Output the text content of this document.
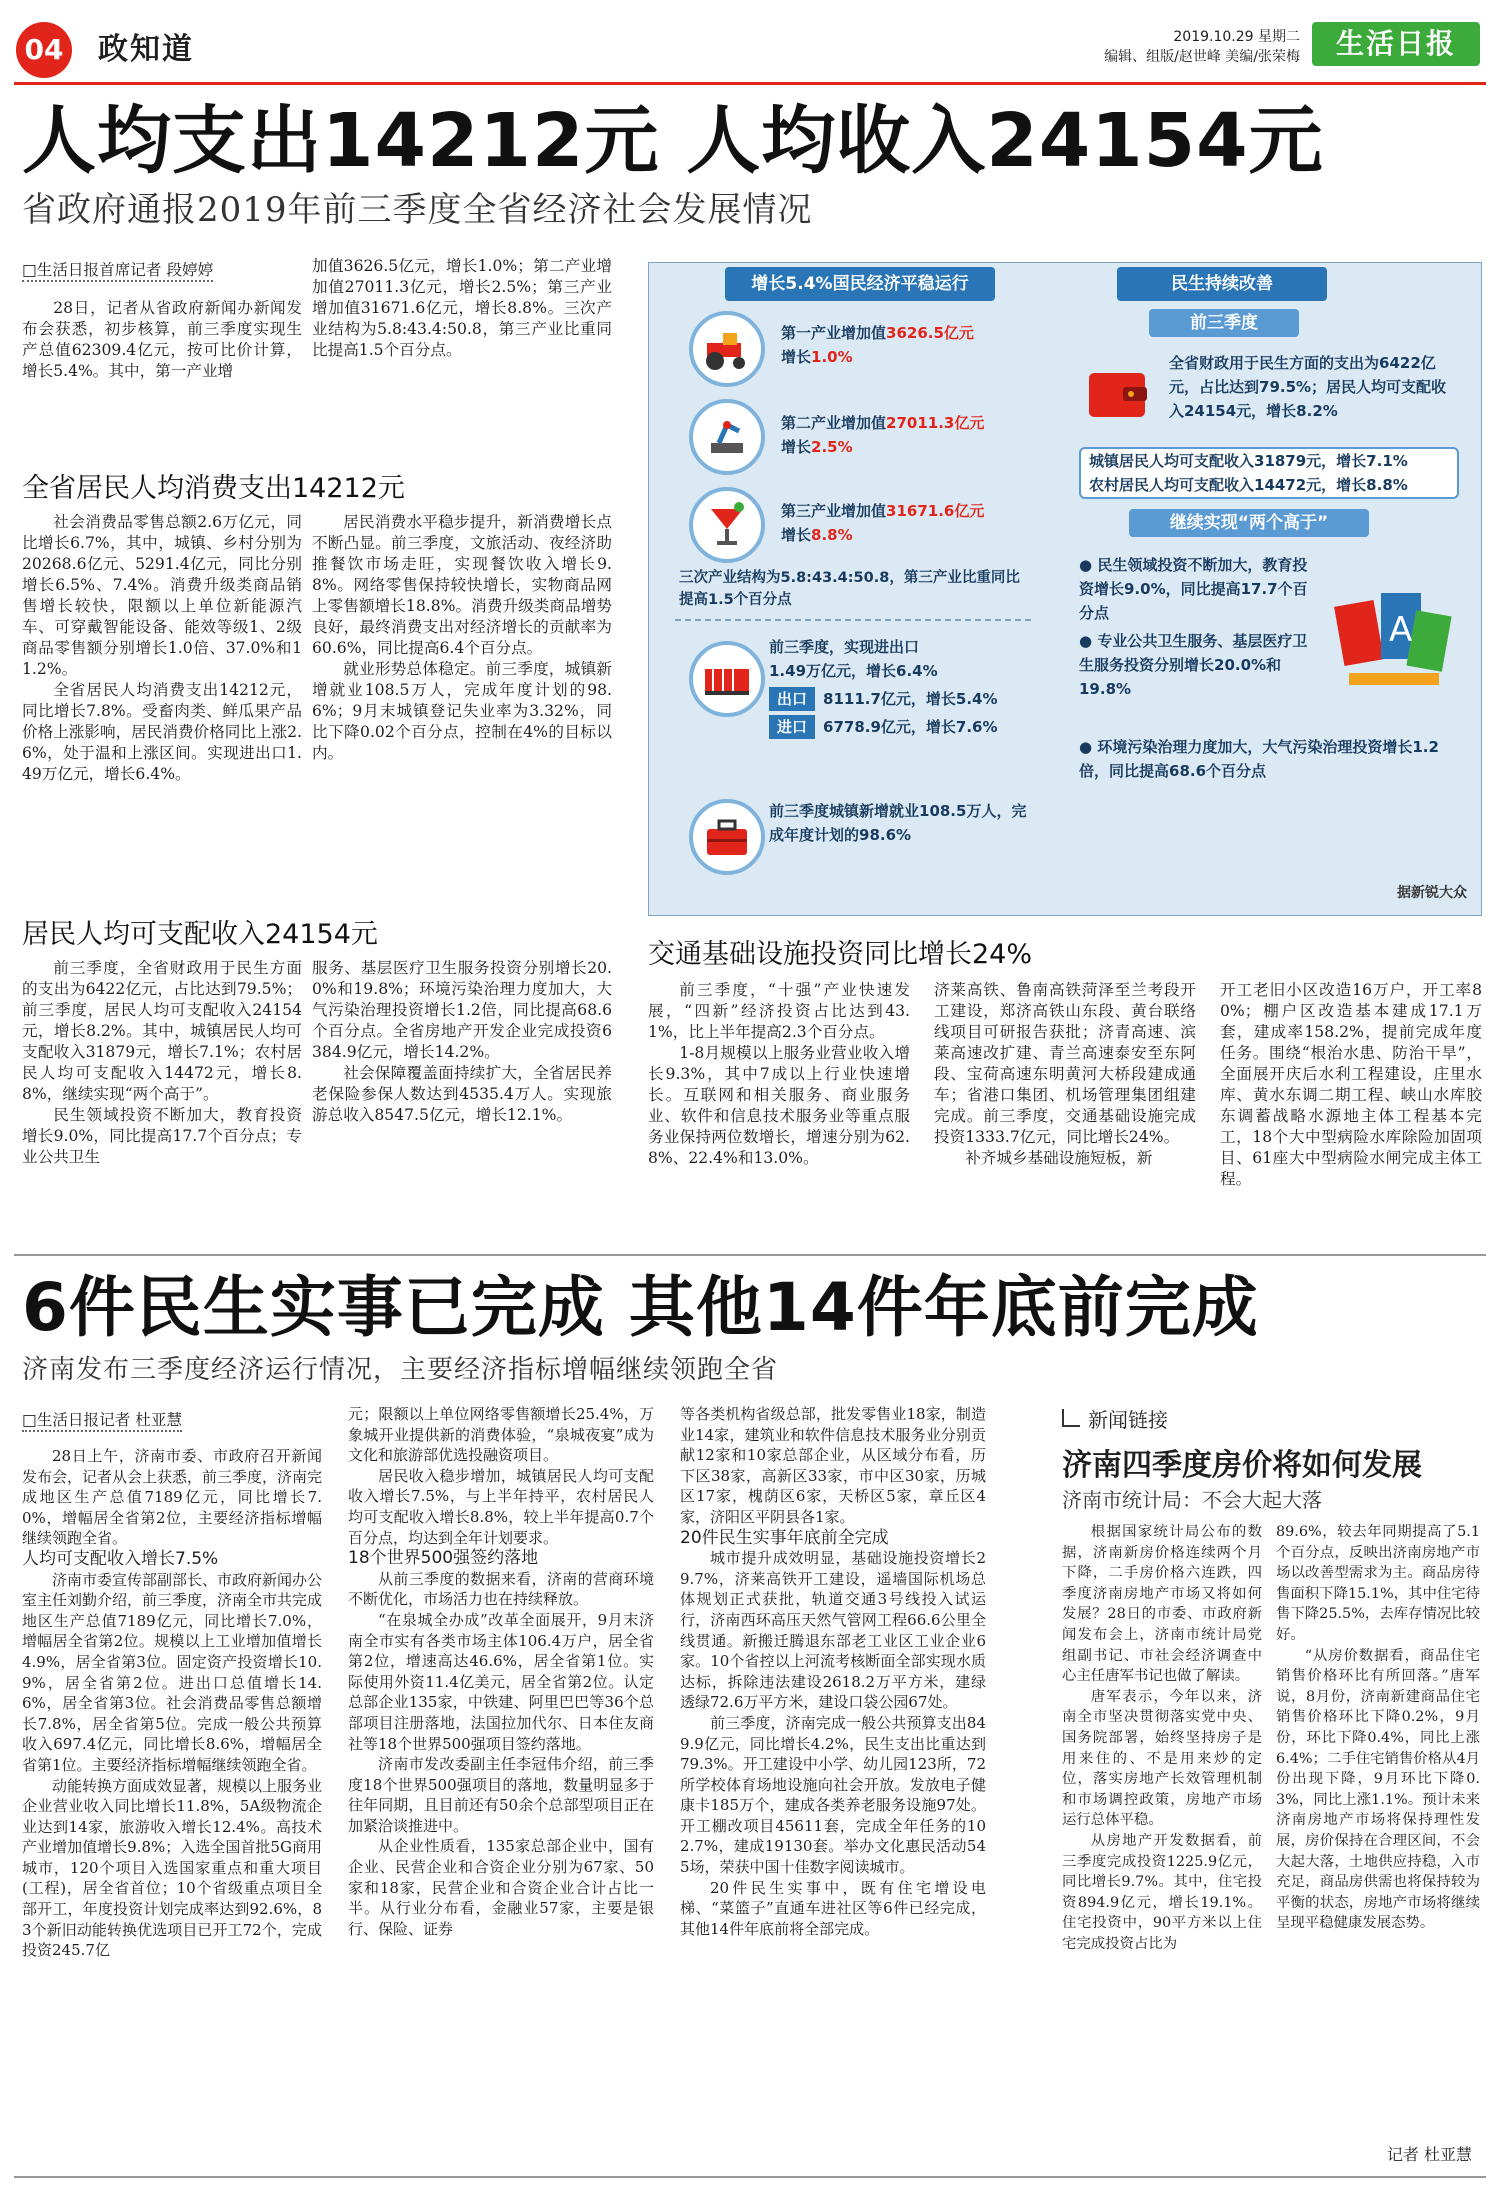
04 政知道	2019.10.29 星期二
编辑、组版/赵世峰 美编/张荣梅	生活日报
人均支出14212元 人均收入24154元
省政府通报2019年前三季度全省经济社会发展情况
□生活日报首席记者 段婷婷

28日，记者从省政府新闻办新闻发布会获悉，初步核算，前三季度实现生产总值62309.4亿元，按可比价计算，增长5.4%。其中，第一产业增

加值3626.5亿元，增长1.0%；第二产业增加值27011.3亿元，增长2.5%；第三产业增加值31671.6亿元，增长8.8%。三次产业结构为5.8:43.4:50.8，第三产业比重同比提高1.5个百分点。

全省居民人均消费支出14212元

社会消费品零售总额2.6万亿元，同比增长6.7%，其中，城镇、乡村分别为20268.6亿元、5291.4亿元，同比分别增长6.5%、7.4%。消费升级类商品销售增长较快，限额以上单位新能源汽车、可穿戴智能设备、能效等级1、2级商品零售额分别增长1.0倍、37.0%和11.2%。

全省居民人均消费支出14212元，同比增长7.8%。受畜肉类、鲜瓜果产品价格上涨影响，居民消费价格同比上涨2.6%，处于温和上涨区间。实现进出口1.49万亿元，增长6.4%。

居民消费水平稳步提升，新消费增长点不断凸显。前三季度，文旅活动、夜经济助推餐饮市场走旺，实现餐饮收入增长9.8%。网络零售保持较快增长，实物商品网上零售额增长18.8%。消费升级类商品增势良好，最终消费支出对经济增长的贡献率为60.6%，同比提高6.4个百分点。

就业形势总体稳定。前三季度，城镇新增就业108.5万人，完成年度计划的98.6%；9月末城镇登记失业率为3.32%，同比下降0.02个百分点，控制在4%的目标以内。

居民人均可支配收入24154元

前三季度，全省财政用于民生方面的支出为6422亿元，占比达到79.5%；前三季度，居民人均可支配收入24154元，增长8.2%。其中，城镇居民人均可支配收入31879元，增长7.1%；农村居民人均可支配收入14472元，增长8.8%，继续实现“两个高于”。

民生领域投资不断加大，教育投资增长9.0%，同比提高17.7个百分点；专业公共卫生

服务、基层医疗卫生服务投资分别增长20.0%和19.8%；环境污染治理力度加大，大气污染治理投资增长1.2倍，同比提高68.6个百分点。全省房地产开发企业完成投资6384.9亿元，增长14.2%。

社会保障覆盖面持续扩大，全省居民养老保险参保人数达到4535.4万人。实现旅游总收入8547.5亿元，增长12.1%。

交通基础设施投资同比增长24%

前三季度，“十强”产业快速发展，“四新”经济投资占比达到43.1%，比上半年提高2.3个百分点。

1-8月规模以上服务业营业收入增长9.3%，其中7成以上行业快速增长。互联网和相关服务、商业服务业、软件和信息技术服务业等重点服务业保持两位数增长，增速分别为62.8%、22.4%和13.0%。

济莱高铁、鲁南高铁菏泽至兰考段开工建设，郑济高铁山东段、黄台联络线项目可研报告获批；济青高速、滨莱高速改扩建、青兰高速泰安至东阿段、宝荷高速东明黄河大桥段建成通车；省港口集团、机场管理集团组建完成。前三季度，交通基础设施完成投资1333.7亿元，同比增长24%。

补齐城乡基础设施短板，新

开工老旧小区改造16万户，开工率80%；棚户区改造基本建成17.1万套，建成率158.2%，提前完成年度任务。围绕“根治水患、防治干旱”，全面展开庆后水利工程建设，庄里水库、黄水东调二期工程、峡山水库胶东调蓄战略水源地主体工程基本完工，18个大中型病险水库除险加固项目、61座大中型病险水闸完成主体工程。

增长5.4%国民经济平稳运行
第一产业增加值3626.5亿元
增长1.0%
第二产业增加值27011.3亿元
增长2.5%
第三产业增加值31671.6亿元
增长8.8%
三次产业结构为5.8:43.4:50.8，第三产业比重同比提高1.5个百分点
前三季度，实现进出口
1.49万亿元，增长6.4%
出口 8111.7亿元，增长5.4%
进口 6778.9亿元，增长7.6%
前三季度城镇新增就业108.5万人，完成年度计划的98.6%
民生持续改善
前三季度
全省财政用于民生方面的支出为6422亿元，占比达到79.5%；居民人均可支配收入24154元，增长8.2%
城镇居民人均可支配收入31879元，增长7.1%
农村居民人均可支配收入14472元，增长8.8%
继续实现“两个高于”
● 民生领域投资不断加大，教育投资增长9.0%，同比提高17.7个百分点
● 专业公共卫生服务、基层医疗卫生服务投资分别增长20.0%和19.8%
● 环境污染治理力度加大，大气污染治理投资增长1.2倍，同比提高68.6个百分点
A
据新锐大众
6件民生实事已完成 其他14件年底前完成
济南发布三季度经济运行情况，主要经济指标增幅继续领跑全省
□生活日报记者 杜亚慧

28日上午，济南市委、市政府召开新闻发布会，记者从会上获悉，前三季度，济南完成地区生产总值7189亿元，同比增长7.0%，增幅居全省第2位，主要经济指标增幅继续领跑全省。

人均可支配收入增长7.5%

济南市委宣传部副部长、市政府新闻办公室主任刘勤介绍，前三季度，济南全市共完成地区生产总值7189亿元，同比增长7.0%，增幅居全省第2位。规模以上工业增加值增长4.9%，居全省第3位。固定资产投资增长10.9%，居全省第2位。进出口总值增长14.6%，居全省第3位。社会消费品零售总额增长7.8%，居全省第5位。完成一般公共预算收入697.4亿元，同比增长8.6%，增幅居全省第1位。主要经济指标增幅继续领跑全省。

动能转换方面成效显著，规模以上服务业企业营业收入同比增长11.8%，5A级物流企业达到14家，旅游收入增长12.4%。高技术产业增加值增长9.8%；入选全国首批5G商用城市，120个项目入选国家重点和重大项目(工程)，居全省首位；10个省级重点项目全部开工，年度投资计划完成率达到92.6%，83个新旧动能转换优选项目已开工72个，完成投资245.7亿

元；限额以上单位网络零售额增长25.4%，万象城开业提供新的消费体验，“泉城夜宴”成为文化和旅游部优选投融资项目。

居民收入稳步增加，城镇居民人均可支配收入增长7.5%，与上半年持平，农村居民人均可支配收入增长8.8%，较上半年提高0.7个百分点，均达到全年计划要求。

18个世界500强签约落地

从前三季度的数据来看，济南的营商环境不断优化，市场活力也在持续释放。

“在泉城全办成”改革全面展开，9月末济南全市实有各类市场主体106.4万户，居全省第2位，增速高达46.6%，居全省第1位。实际使用外资11.4亿美元，居全省第2位。认定总部企业135家，中铁建、阿里巴巴等36个总部项目注册落地，法国拉加代尔、日本住友商社等18个世界500强项目签约落地。

济南市发改委副主任李冠伟介绍，前三季度18个世界500强项目的落地，数量明显多于往年同期，且目前还有50余个总部型项目正在加紧洽谈推进中。

从企业性质看，135家总部企业中，国有企业、民营企业和合资企业分别为67家、50家和18家，民营企业和合资企业合计占比一半。从行业分布看，金融业57家，主要是银行、保险、证券

等各类机构省级总部，批发零售业18家，制造业14家，建筑业和软件信息技术服务业分别贡献12家和10家总部企业，从区域分布看，历下区38家，高新区33家，市中区30家，历城区17家，槐荫区6家，天桥区5家，章丘区4家，济阳区平阴县各1家。

20件民生实事年底前全完成

城市提升成效明显，基础设施投资增长29.7%，济莱高铁开工建设，遥墙国际机场总体规划正式获批，轨道交通3号线投入试运行，济南西环高压天然气管网工程66.6公里全线贯通。新搬迁腾退东部老工业区工业企业6家。10个省控以上河流考核断面全部实现水质达标，拆除违法建设2618.2万平方米，建绿透绿72.6万平方米，建设口袋公园67处。

前三季度，济南完成一般公共预算支出849.9亿元，同比增长4.2%，民生支出比重达到79.3%。开工建设中小学、幼儿园123所，72所学校体育场地设施向社会开放。发放电子健康卡185万个，建成各类养老服务设施97处。开工棚改项目45611套，完成全年任务的102.7%，建成19130套。举办文化惠民活动545场，荣获中国十佳数字阅读城市。

20件民生实事中，既有住宅增设电梯、“菜篮子”直通车进社区等6件已经完成，其他14件年底前将全部完成。

新闻链接
济南四季度房价将如何发展
济南市统计局：不会大起大落

根据国家统计局公布的数据，济南新房价格连续两个月下降，二手房价格六连跌，四季度济南房地产市场又将如何发展？28日的市委、市政府新闻发布会上，济南市统计局党组副书记、市社会经济调查中心主任唐军书记也做了解读。

唐军表示，今年以来，济南全市坚决贯彻落实党中央、国务院部署，始终坚持房子是用来住的、不是用来炒的定位，落实房地产长效管理机制和市场调控政策，房地产市场运行总体平稳。

从房地产开发数据看，前三季度完成投资1225.9亿元，同比增长9.7%。其中，住宅投资894.9亿元，增长19.1%。住宅投资中，90平方米以上住宅完成投资占比为

89.6%，较去年同期提高了5.1个百分点，反映出济南房地产市场以改善型需求为主。商品房待售面积下降15.1%，其中住宅待售下降25.5%，去库存情况比较好。

“从房价数据看，商品住宅销售价格环比有所回落。”唐军说，8月份，济南新建商品住宅销售价格环比下降0.2%，9月份，环比下降0.4%，同比上涨6.4%；二手住宅销售价格从4月份出现下降，9月环比下降0.3%，同比上涨1.1%。预计未来济南房地产市场将保持理性发展，房价保持在合理区间，不会大起大落，土地供应持稳，入市充足，商品房供需也将保持较为平衡的状态，房地产市场将继续呈现平稳健康发展态势。

记者 杜亚慧
